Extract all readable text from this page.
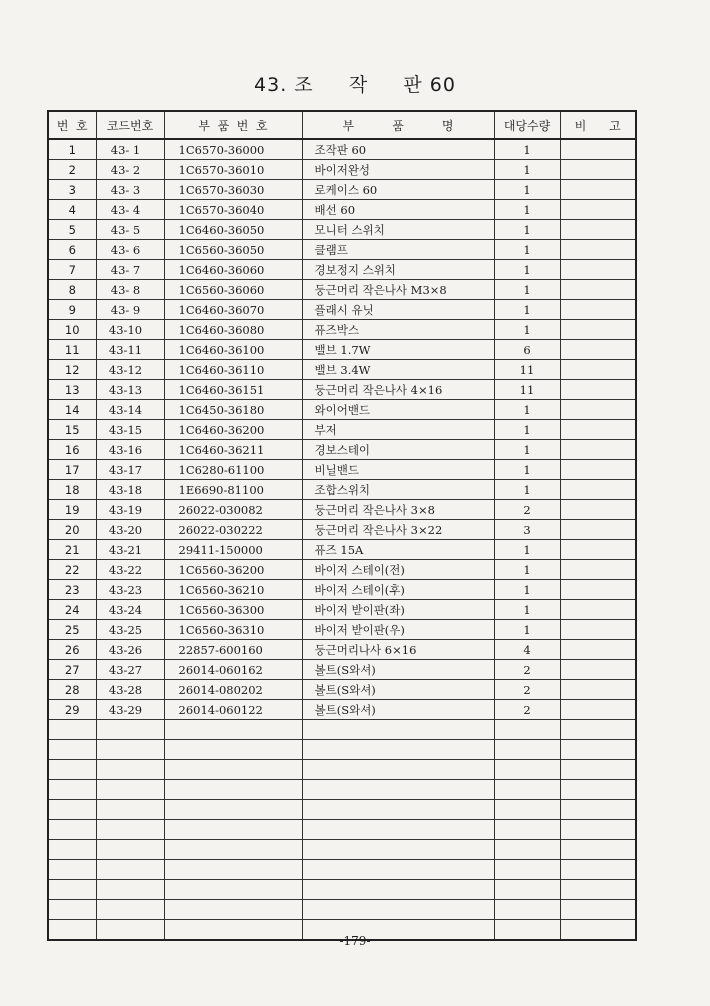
43. 조     작     판 60
번  호	코드번호	부  품  번  호	부          품          명	대당수량	비      고
1	43- 1	1C6570-36000	조작판 60	1	
2	43- 2	1C6570-36010	바이저완성	1	
3	43- 3	1C6570-36030	로케이스 60	1	
4	43- 4	1C6570-36040	배선 60	1	
5	43- 5	1C6460-36050	모니터 스위치	1	
6	43- 6	1C6560-36050	클램프	1	
7	43- 7	1C6460-36060	경보정지 스위치	1	
8	43- 8	1C6560-36060	둥근머리 작은나사 M3×8	1	
9	43- 9	1C6460-36070	플래시 유닛	1	
10	43-10	1C6460-36080	퓨즈박스	1	
11	43-11	1C6460-36100	밸브 1.7W	6	
12	43-12	1C6460-36110	밸브 3.4W	11	
13	43-13	1C6460-36151	둥근머리 작은나사 4×16	11	
14	43-14	1C6450-36180	와이어밴드	1	
15	43-15	1C6460-36200	부저	1	
16	43-16	1C6460-36211	경보스테이	1	
17	43-17	1C6280-61100	비닐밴드	1	
18	43-18	1E6690-81100	조합스위치	1	
19	43-19	26022-030082	둥근머리 작은나사 3×8	2	
20	43-20	26022-030222	둥근머리 작은나사 3×22	3	
21	43-21	29411-150000	퓨즈 15A	1	
22	43-22	1C6560-36200	바이저 스테이(전)	1	
23	43-23	1C6560-36210	바이저 스테이(후)	1	
24	43-24	1C6560-36300	바이저 받이판(좌)	1	
25	43-25	1C6560-36310	바이저 받이판(우)	1	
26	43-26	22857-600160	둥근머리나사 6×16	4	
27	43-27	26014-060162	볼트(S와셔)	2	
28	43-28	26014-080202	볼트(S와셔)	2	
29	43-29	26014-060122	볼트(S와셔)	2	

-179-
